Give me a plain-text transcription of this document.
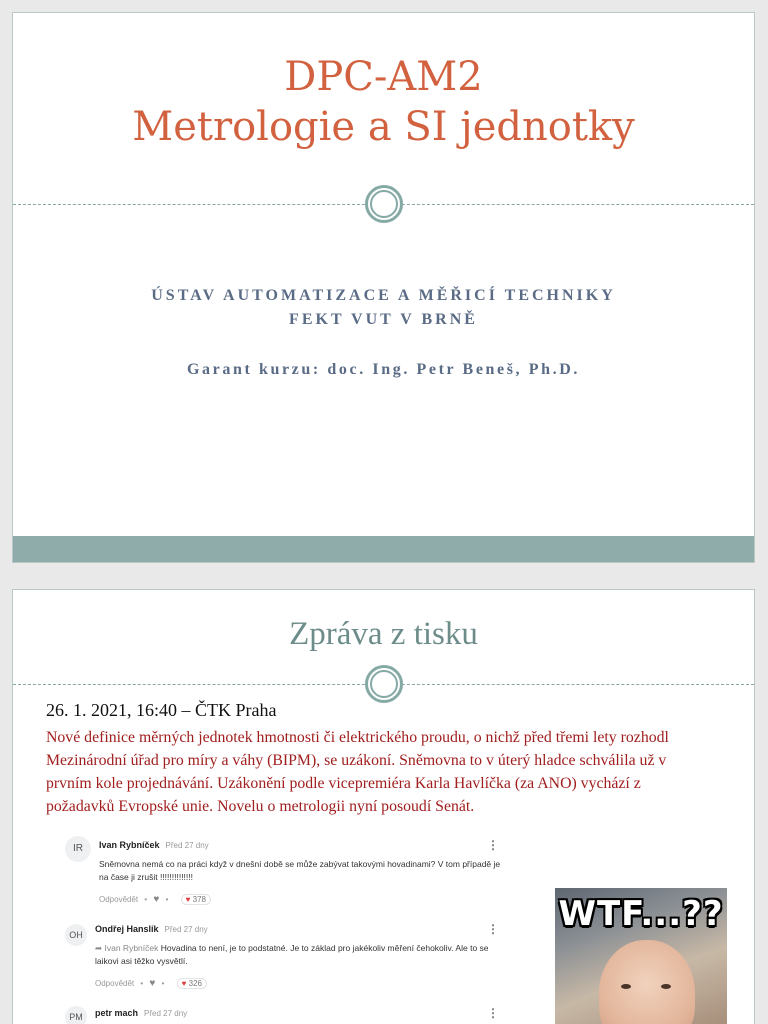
DPC-AM2
Metrologie a SI jednotky
ÚSTAV AUTOMATIZACE A MĚŘICÍ TECHNIKY
FEKT VUT V BRNĚ
Garant kurzu: doc. Ing. Petr Beneš, Ph.D.
Zpráva z tisku
26. 1. 2021, 16:40 – ČTK Praha
Nové definice měrných jednotek hmotnosti či elektrického proudu, o nichž před třemi lety rozhodl Mezinárodní úřad pro míry a váhy (BIPM), se uzákoní. Sněmovna to v úterý hladce schválila už v prvním kole projednávání. Uzákonění podle vicepremiéra Karla Havlíčka (za ANO) vychází z požadavků Evropské unie. Novelu o metrologii nyní posoudí Senát.
IR	Ivan Rybníček Před 27 dny	⋮
Sněmovna nemá co na práci když v dnešní době se může zabývat takovými hovadinami? V tom případě je na čase ji zrušit !!!!!!!!!!!!!!
Odpovědět • ♥ • ♥ 378
OH
Ondřej Hanslík Před 27 dny	⋮
➦ Ivan Rybníček Hovadina to není, je to podstatné. Je to základ pro jakékoliv měření čehokoliv. Ale to se laikovi asi těžko vysvětlí.
Odpovědět • ♥ • ♥ 326
PM	petr mach Před 27 dny	⋮
WTF...??
